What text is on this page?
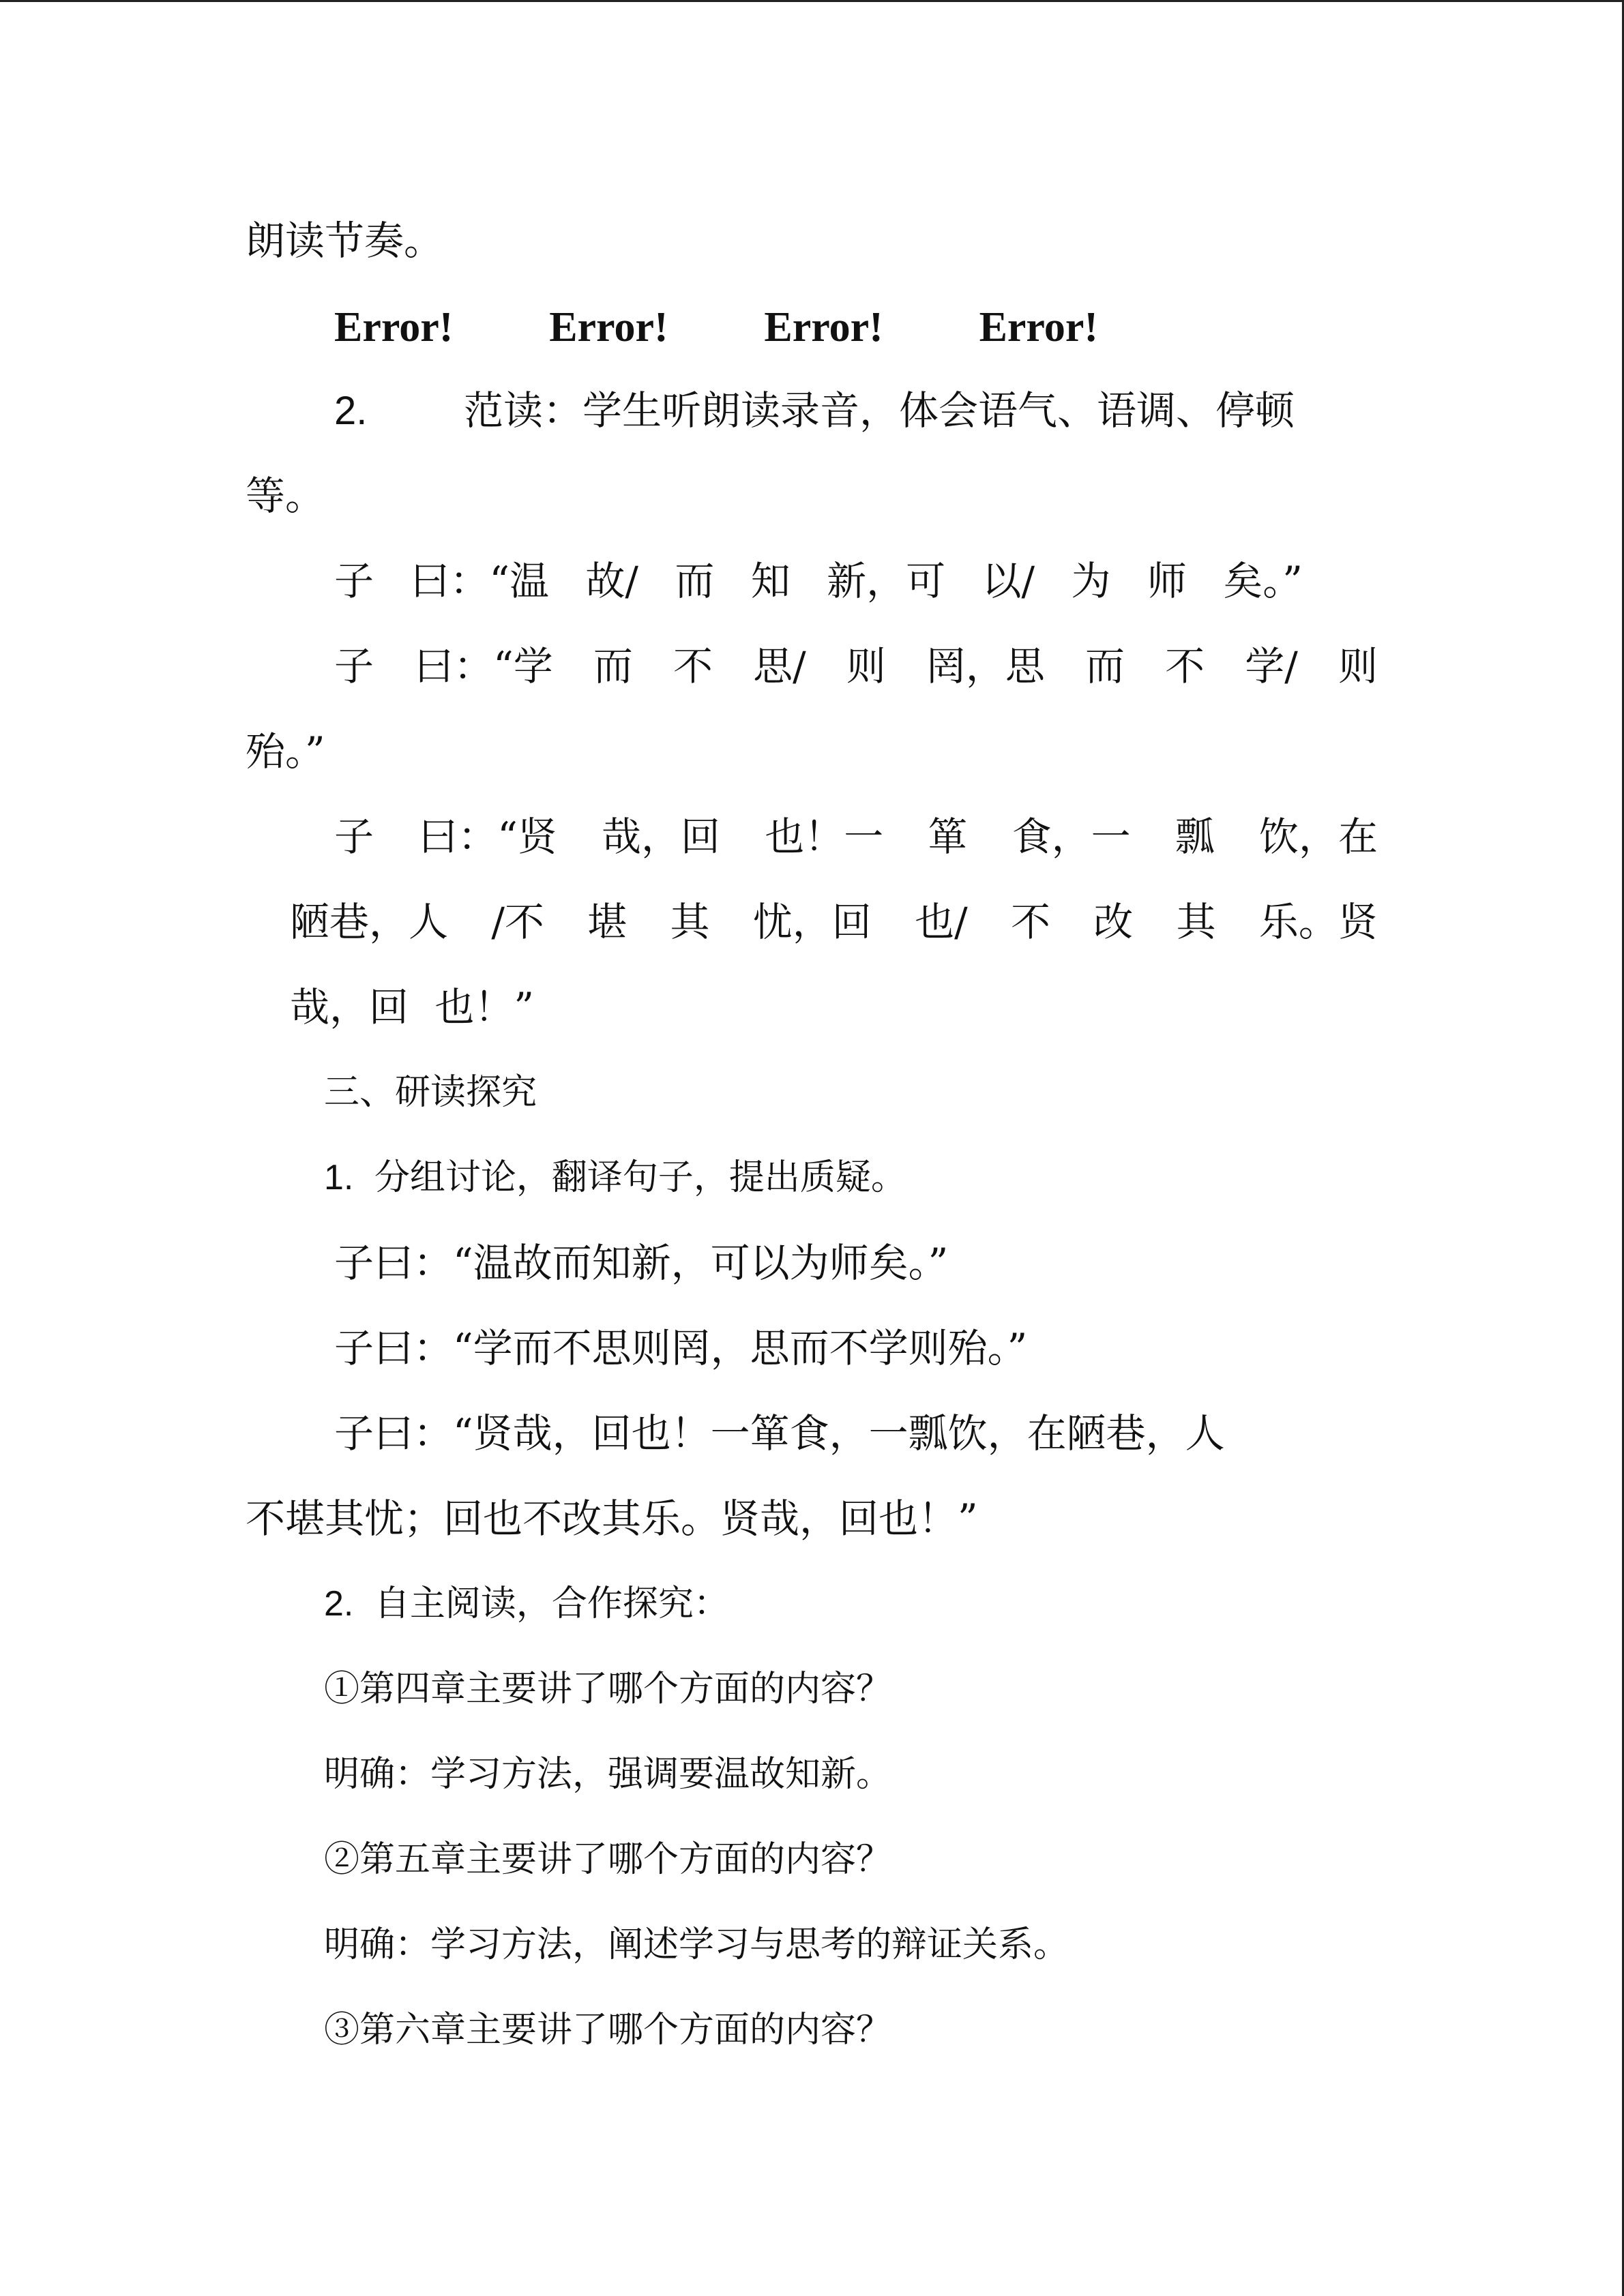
朗读节奏。
Error! Error! Error! Error!
2. 范读：学生听朗读录音，体会语气、语调、停顿
等。
子 曰：“温 故/ 而 知 新，可 以/ 为 师 矣。”
子 曰：“学 而 不 思/ 则 罔，思 而 不 学/ 则
殆。”
子 曰：“贤 哉，回 也！一 箪 食，一 瓢 饮，在
陋巷，人 /不 堪 其 忧，回 也/ 不 改 其 乐。贤
哉，回 也！”
三、研读探究
1. 分组讨论，翻译句子，提出质疑。
子曰：“温故而知新，可以为师矣。”
子曰：“学而不思则罔，思而不学则殆。”
子曰：“贤哉，回也！一箪食，一瓢饮，在陋巷，人
不堪其忧；回也不改其乐。贤哉，回也！”
2. 自主阅读，合作探究：
①第四章主要讲了哪个方面的内容？
明确：学习方法，强调要温故知新。
②第五章主要讲了哪个方面的内容？
明确：学习方法，阐述学习与思考的辩证关系。
③第六章主要讲了哪个方面的内容？
